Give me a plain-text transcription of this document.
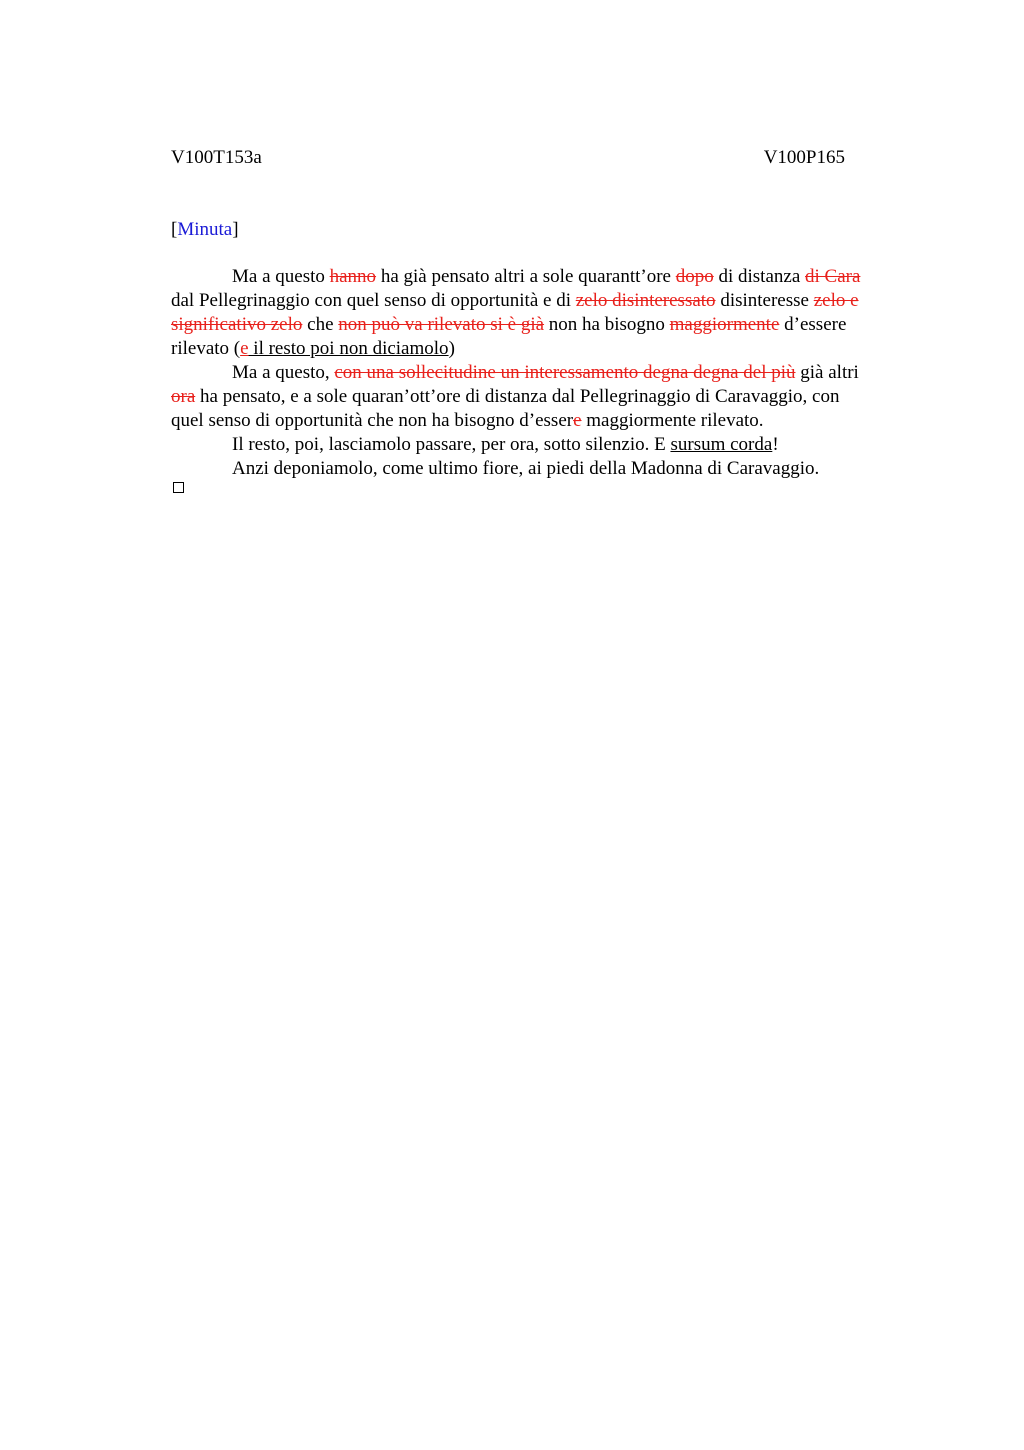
V100T153a	V100P165
[Minuta]

Ma a questo hanno ha già pensato altri a sole quarantt’ore dopo di distanza di Cara

dal Pellegrinaggio con quel senso di opportunità e di zelo disinteressato disinteresse zelo e
significativo zelo che non può va rilevato si è già non ha bisogno maggiormente d’essere
rilevato (e il resto poi non diciamolo)

Ma a questo, con una sollecitudine un interessamento degna degna del più già altri

ora ha pensato, e a sole quaran’ott’ore di distanza dal Pellegrinaggio di Caravaggio, con
quel senso di opportunità che non ha bisogno d’essere maggiormente rilevato.

Il resto, poi, lasciamolo passare, per ora, sotto silenzio. E sursum corda!

Anzi deponiamolo, come ultimo fiore, ai piedi della Madonna di Caravaggio.
